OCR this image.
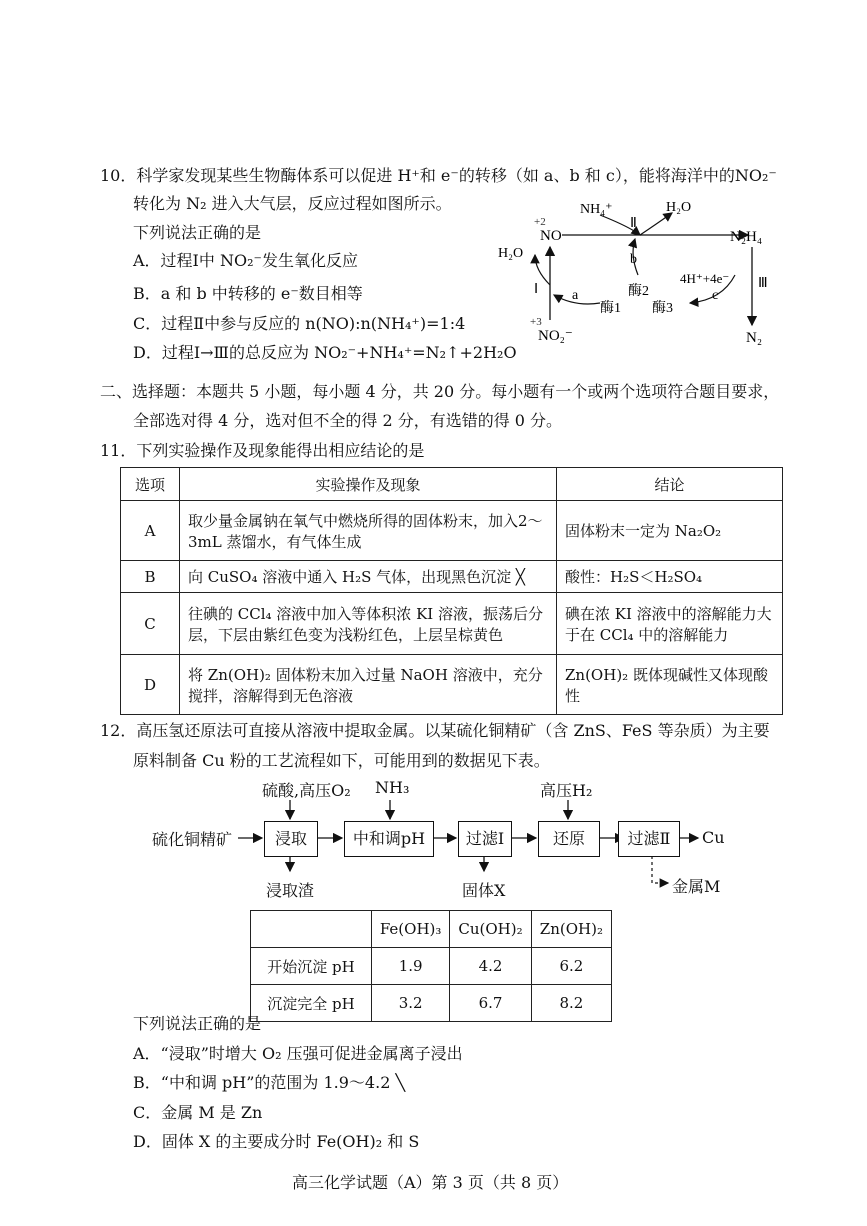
10．科学家发现某些生物酶体系可以促进 H⁺和 e⁻的转移（如 a、b 和 c），能将海洋中的NO₂⁻
转化为 N₂ 进入大气层，反应过程如图所示。
下列说法正确的是
A．过程Ⅰ中 NO₂⁻发生氧化反应
B．a 和 b 中转移的 e⁻数目相等
C．过程Ⅱ中参与反应的 n(NO):n(NH₄⁺)=1:4
D．过程Ⅰ→Ⅲ的总反应为 NO₂⁻+NH₄⁺=N₂↑+2H₂O
NO
NH₄⁺	H₂O
N₂H₄
H₂O
NO₂⁻	N₂
Ⅰ
Ⅱ
Ⅲ
a
b
c
酶1
酶2
酶3
4H⁺+4e⁻
+2
+3
二、选择题：本题共 5 小题，每小题 4 分，共 20 分。每小题有一个或两个选项符合题目要求，
全部选对得 4 分，选对但不全的得 2 分，有选错的得 0 分。
11．下列实验操作及现象能得出相应结论的是
选项	实验操作及现象	结论
A	取少量金属钠在氧气中燃烧所得的固体粉末，加入2～3mL 蒸馏水，有气体生成	固体粉末一定为 Na₂O₂
B	向 CuSO₄ 溶液中通入 H₂S 气体，出现黑色沉淀 ╳	酸性：H₂S＜H₂SO₄
C	往碘的 CCl₄ 溶液中加入等体积浓 KI 溶液，振荡后分层，下层由紫红色变为浅粉红色，上层呈棕黄色	碘在浓 KI 溶液中的溶解能力大于在 CCl₄ 中的溶解能力
D	将 Zn(OH)₂ 固体粉末加入过量 NaOH 溶液中，充分搅拌，溶解得到无色溶液	Zn(OH)₂ 既体现碱性又体现酸性
12．高压氢还原法可直接从溶液中提取金属。以某硫化铜精矿（含 ZnS、FeS 等杂质）为主要
原料制备 Cu 粉的工艺流程如下，可能用到的数据见下表。
硫化铜精矿
硫酸,高压O₂ NH₃	高压H₂
浸取	中和调pH	过滤Ⅰ	还原	过滤Ⅱ	Cu
浸取渣	固体X	金属M
	Fe(OH)₃	Cu(OH)₂	Zn(OH)₂
开始沉淀 pH	1.9	4.2	6.2
沉淀完全 pH	3.2	6.7	8.2
下列说法正确的是
A．“浸取”时增大 O₂ 压强可促进金属离子浸出
B．“中和调 pH”的范围为 1.9～4.2 ╲
C．金属 M 是 Zn
D．固体 X 的主要成分时 Fe(OH)₂ 和 S
高三化学试题（A）第 3 页（共 8 页）
